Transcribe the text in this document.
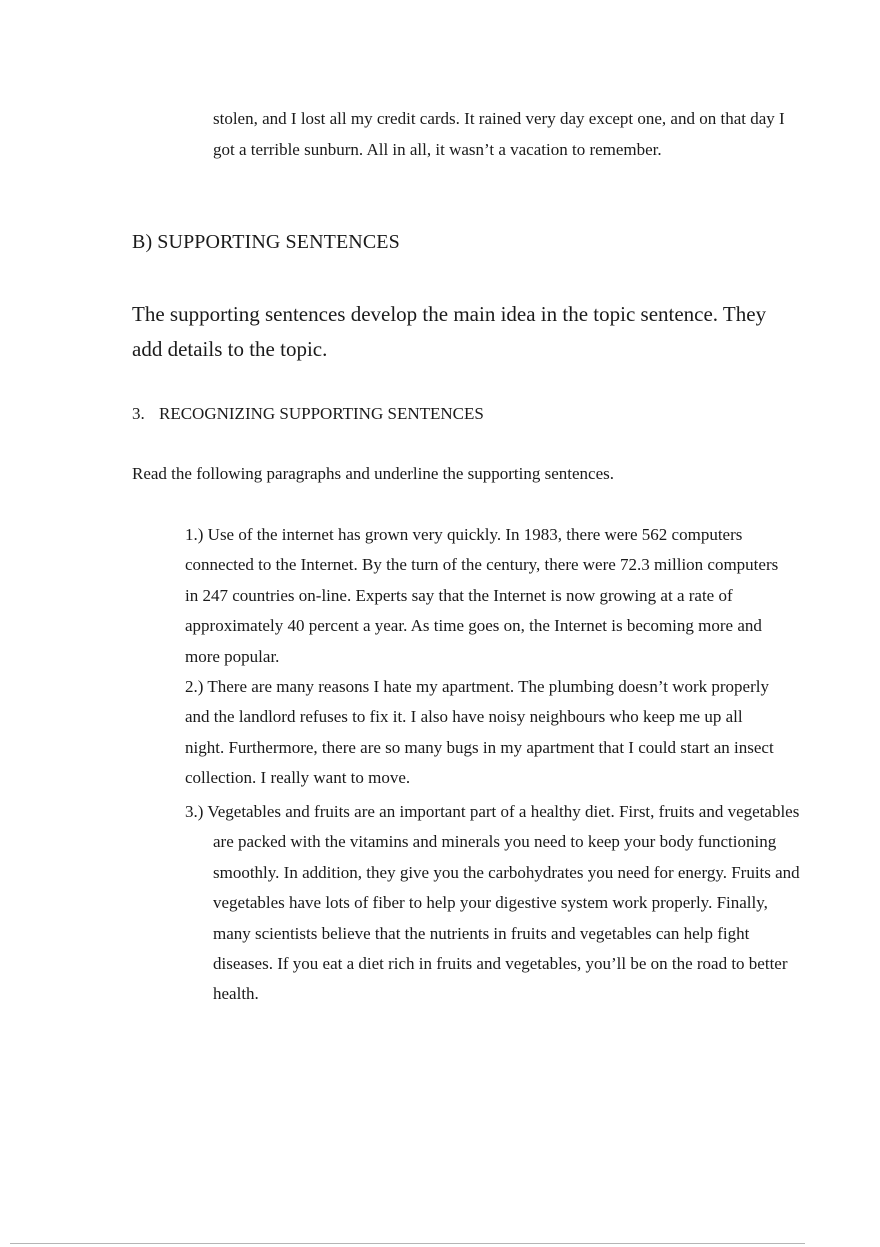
stolen, and I lost all my credit cards. It rained very day except one, and on that day I got a terrible sunburn. All in all, it wasn’t a vacation to remember.
B) SUPPORTING SENTENCES
The supporting sentences develop the main idea in the topic sentence. They add details to the topic.
3. RECOGNIZING SUPPORTING SENTENCES
Read the following paragraphs and underline the supporting sentences.
1.) Use of the internet has grown very quickly. In 1983, there were 562 computers connected to the Internet. By the turn of the century, there were 72.3 million computers in 247 countries on-line. Experts say that the Internet is now growing at a rate of approximately 40 percent a year. As time goes on, the Internet is becoming more and more popular.
2.) There are many reasons I hate my apartment. The plumbing doesn’t work properly and the landlord refuses to fix it. I also have noisy neighbours who keep me up all night. Furthermore, there are so many bugs in my apartment that I could start an insect collection. I really want to move.
3.) Vegetables and fruits are an important part of a healthy diet. First, fruits and vegetables are packed with the vitamins and minerals you need to keep your body functioning smoothly. In addition, they give you the carbohydrates you need for energy. Fruits and vegetables have lots of fiber to help your digestive system work properly. Finally, many scientists believe that the nutrients in fruits and vegetables can help fight diseases. If you eat a diet rich in fruits and vegetables, you’ll be on the road to better health.
